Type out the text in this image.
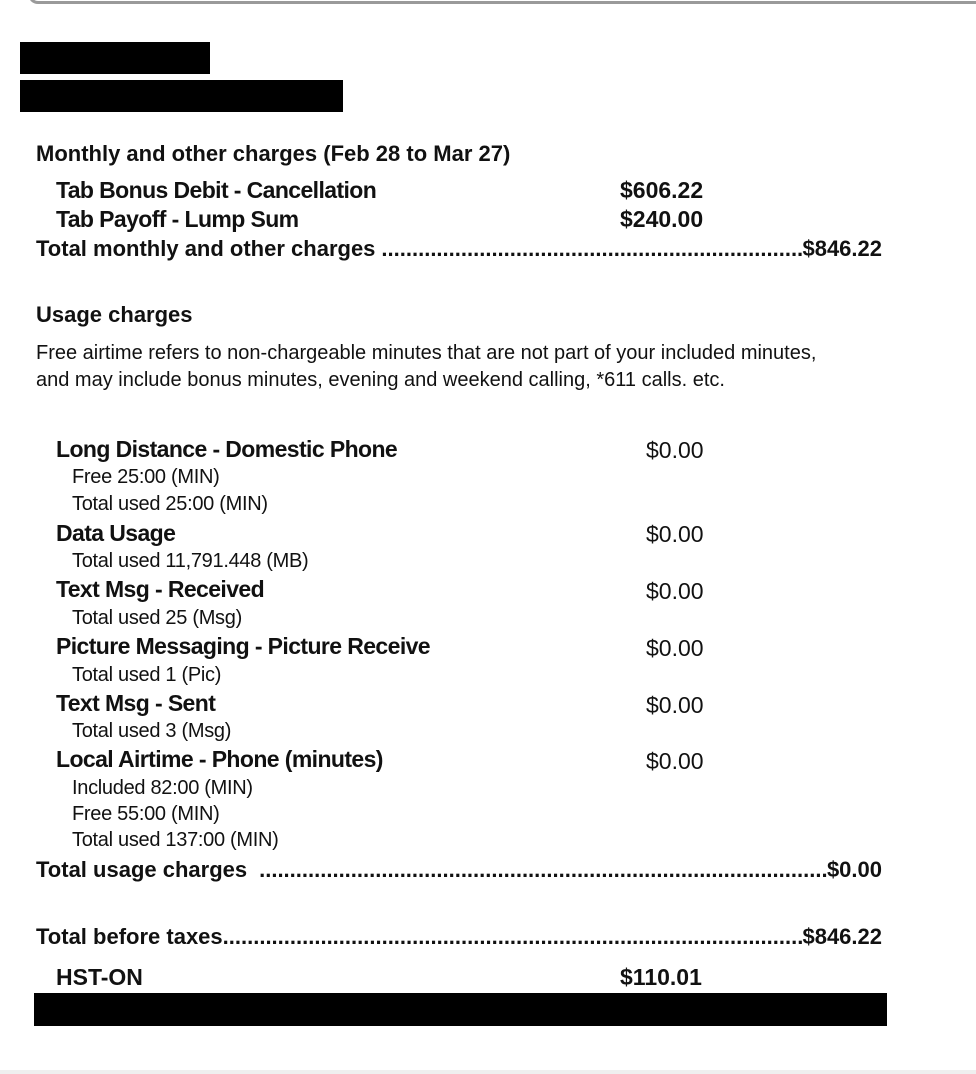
Monthly and other charges (Feb 28 to Mar 27)
Tab Bonus Debit - Cancellation	$606.22
Tab Payoff - Lump Sum	$240.00
Total monthly and other charges .....	$846.22
Usage charges
Free airtime refers to non-chargeable minutes that are not part of your included minutes,
and may include bonus minutes, evening and weekend calling, *611 calls. etc.
Long Distance - Domestic Phone	$0.00
Free 25:00 (MIN)
Total used 25:00 (MIN)
Data Usage	$0.00
Total used 11,791.448 (MB)
Text Msg - Received	$0.00
Total used 25 (Msg)
Picture Messaging - Picture Receive	$0.00
Total used 1 (Pic)
Text Msg - Sent	$0.00
Total used 3 (Msg)
Local Airtime - Phone (minutes)	$0.00
Included 82:00 (MIN)
Free 55:00 (MIN)
Total used 137:00 (MIN)
Total usage charges .....	$0.00
Total before taxes .....	$846.22
HST-ON	$110.01
